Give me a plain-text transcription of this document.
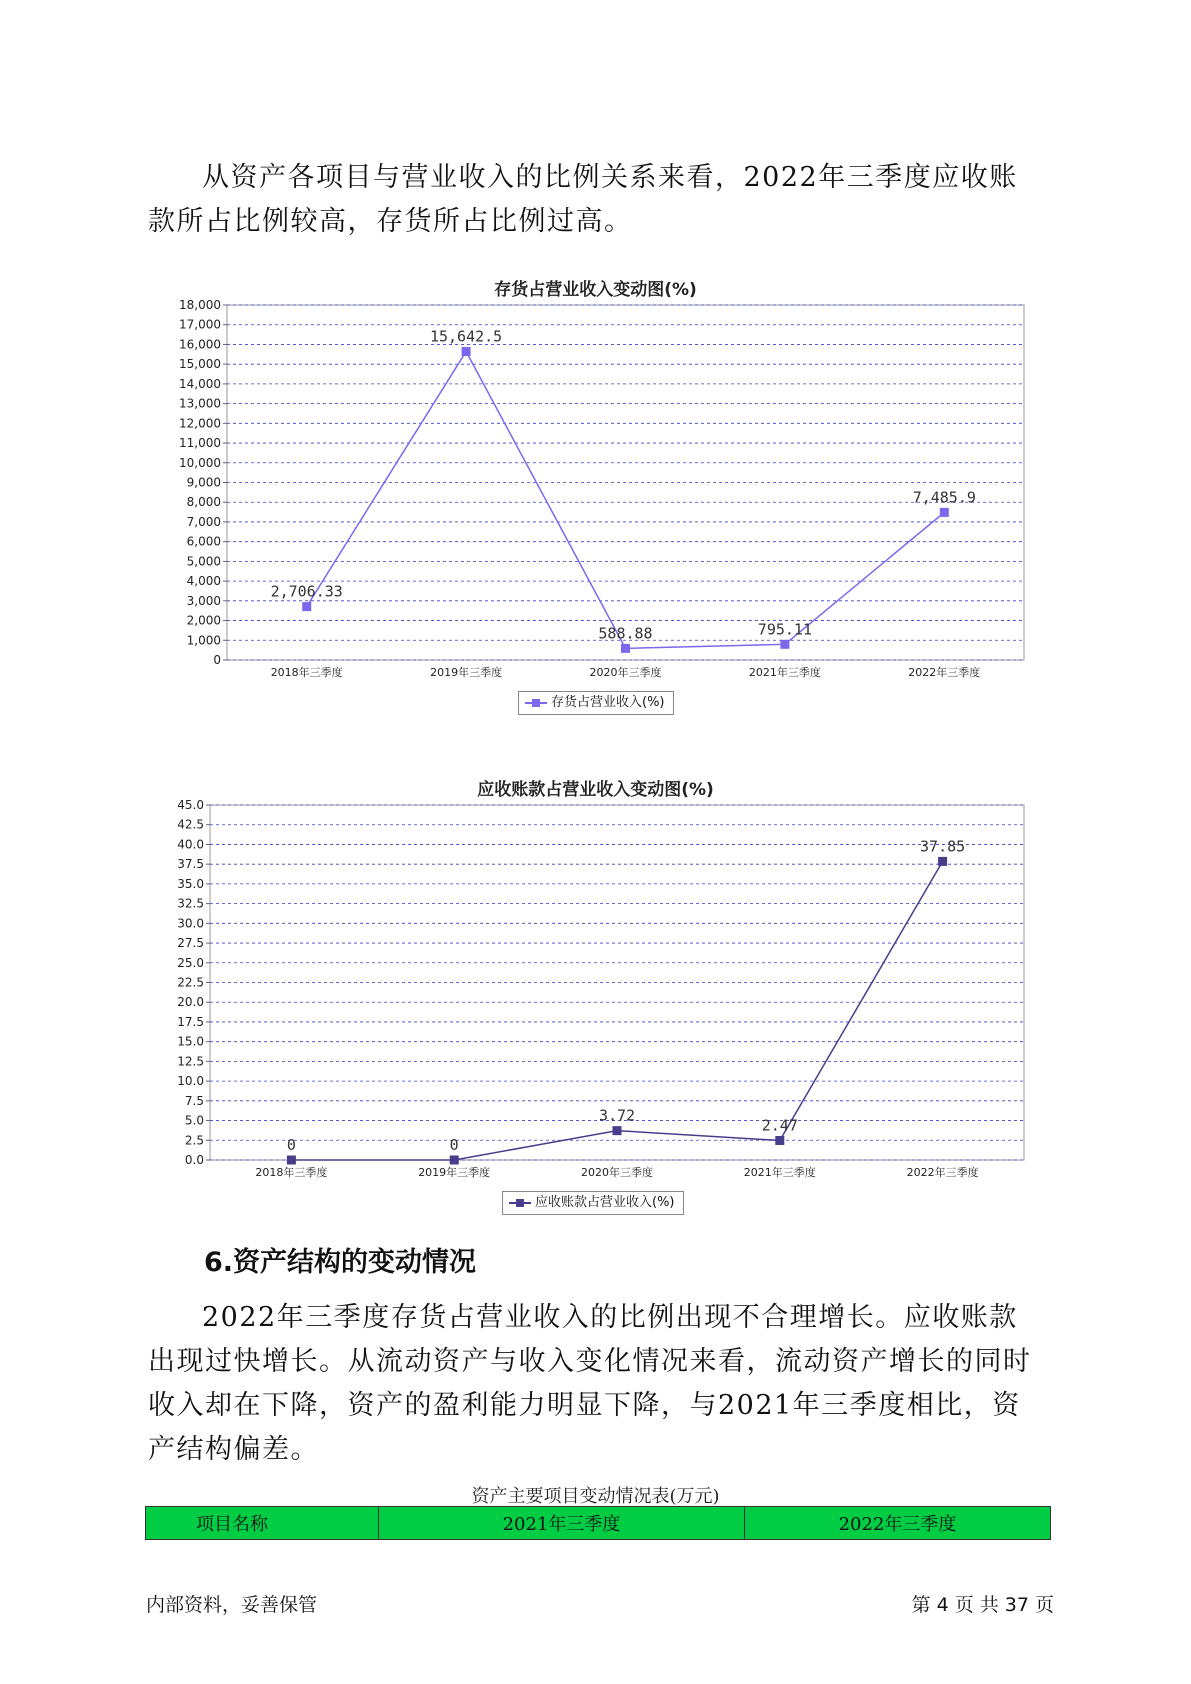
从资产各项目与营业收入的比例关系来看，2022年三季度应收账款所占比例较高，存货所占比例过高。
存货占营业收入变动图(%)
0
1,000
2,000
3,000
4,000
5,000
6,000
7,000
8,000
9,000
10,000
11,000
12,000
13,000
14,000
15,000
16,000
17,000
18,000
2018年三季度	2019年三季度	2020年三季度	2021年三季度	2022年三季度
2,706.33
15,642.5
588.88	795.11
7,485.9
存货占营业收入(%)
应收账款占营业收入变动图(%)
0.0
2.5
5.0
7.5
10.0
12.5
15.0
17.5
20.0
22.5
25.0
27.5
30.0
32.5
35.0
37.5
40.0
42.5
45.0
2018年三季度	2019年三季度	2020年三季度	2021年三季度	2022年三季度
0	0
3.72
2.47
37.85
应收账款占营业收入(%)
6.资产结构的变动情况
2022年三季度存货占营业收入的比例出现不合理增长。应收账款出现过快增长。从流动资产与收入变化情况来看，流动资产增长的同时收入却在下降，资产的盈利能力明显下降，与2021年三季度相比，资产结构偏差。
资产主要项目变动情况表(万元)
项目名称	2021年三季度	2022年三季度
内部资料，妥善保管	第 4 页 共 37 页
